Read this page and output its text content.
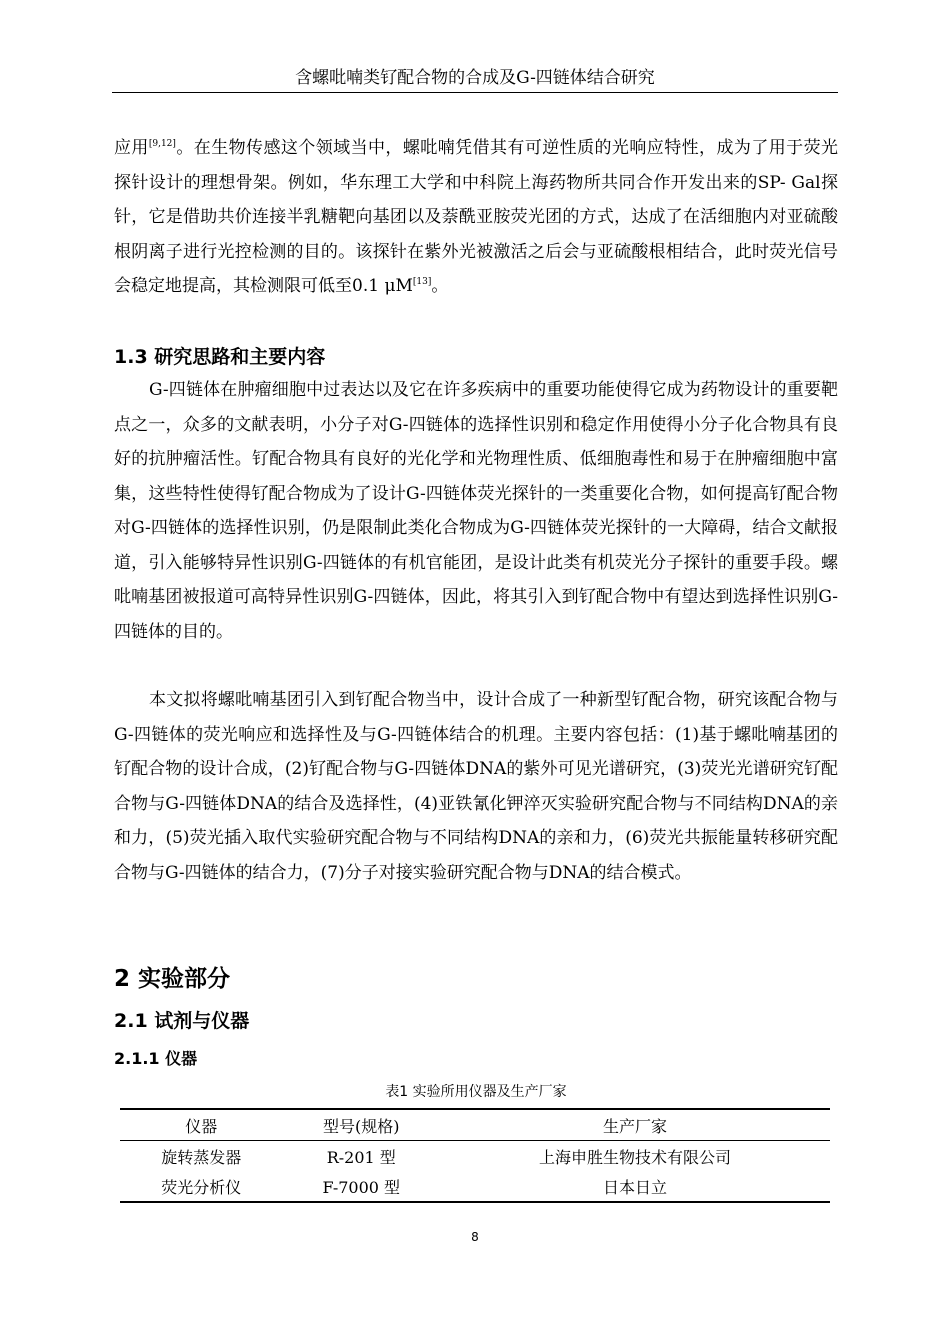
含螺吡喃类钌配合物的合成及G-四链体结合研究

应用[9,12]。在生物传感这个领域当中，螺吡喃凭借其有可逆性质的光响应特性，成为了用于荧光探针设计的理想骨架。例如，华东理工大学和中科院上海药物所共同合作开发出来的SP- Gal探针，它是借助共价连接半乳糖靶向基团以及萘酰亚胺荧光团的方式，达成了在活细胞内对亚硫酸根阴离子进行光控检测的目的。该探针在紫外光被激活之后会与亚硫酸根相结合，此时荧光信号会稳定地提高，其检测限可低至0.1 μM[13]。

1.3 研究思路和主要内容

G-四链体在肿瘤细胞中过表达以及它在许多疾病中的重要功能使得它成为药物设计的重要靶点之一，众多的文献表明，小分子对G-四链体的选择性识别和稳定作用使得小分子化合物具有良好的抗肿瘤活性。钌配合物具有良好的光化学和光物理性质、低细胞毒性和易于在肿瘤细胞中富集，这些特性使得钌配合物成为了设计G-四链体荧光探针的一类重要化合物，如何提高钌配合物对G-四链体的选择性识别，仍是限制此类化合物成为G-四链体荧光探针的一大障碍，结合文献报道，引入能够特异性识别G-四链体的有机官能团，是设计此类有机荧光分子探针的重要手段。螺吡喃基团被报道可高特异性识别G-四链体，因此，将其引入到钌配合物中有望达到选择性识别G-四链体的目的。

本文拟将螺吡喃基团引入到钌配合物当中，设计合成了一种新型钌配合物，研究该配合物与G-四链体的荧光响应和选择性及与G-四链体结合的机理。主要内容包括：(1)基于螺吡喃基团的钌配合物的设计合成，(2)钌配合物与G-四链体DNA的紫外可见光谱研究，(3)荧光光谱研究钌配合物与G-四链体DNA的结合及选择性，(4)亚铁氰化钾淬灭实验研究配合物与不同结构DNA的亲和力，(5)荧光插入取代实验研究配合物与不同结构DNA的亲和力，(6)荧光共振能量转移研究配合物与G-四链体的结合力，(7)分子对接实验研究配合物与DNA的结合模式。

2 实验部分
2.1 试剂与仪器
2.1.1 仪器
表1 实验所用仪器及生产厂家
仪器	型号(规格)	生产厂家
旋转蒸发器	R-201 型	上海申胜生物技术有限公司
荧光分析仪	F-7000 型	日本日立
8
